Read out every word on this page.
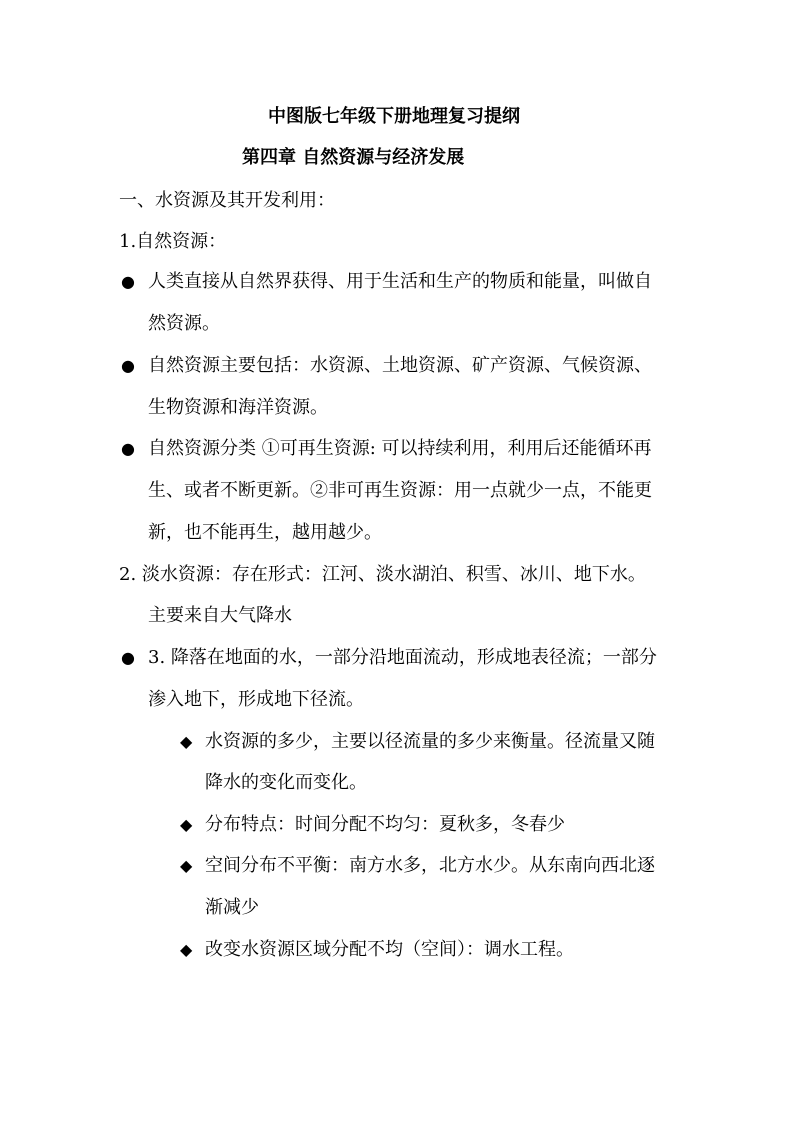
中图版七年级下册地理复习提纲
第四章 自然资源与经济发展
一、水资源及其开发利用：
1.自然资源：
● 人类直接从自然界获得、用于生活和生产的物质和能量，叫做自
然资源。
● 自然资源主要包括：水资源、土地资源、矿产资源、气候资源、
生物资源和海洋资源。
● 自然资源分类 ①可再生资源: 可以持续利用，利用后还能循环再
生、或者不断更新。②非可再生资源：用一点就少一点，不能更
新，也不能再生，越用越少。
2. 淡水资源：存在形式：江河、淡水湖泊、积雪、冰川、地下水。
主要来自大气降水
● 3. 降落在地面的水，一部分沿地面流动，形成地表径流；一部分
渗入地下，形成地下径流。
◆ 水资源的多少，主要以径流量的多少来衡量。径流量又随
降水的变化而变化。
◆ 分布特点：时间分配不均匀：夏秋多，冬春少
◆ 空间分布不平衡：南方水多，北方水少。从东南向西北逐
渐减少
◆ 改变水资源区域分配不均（空间）：调水工程。
